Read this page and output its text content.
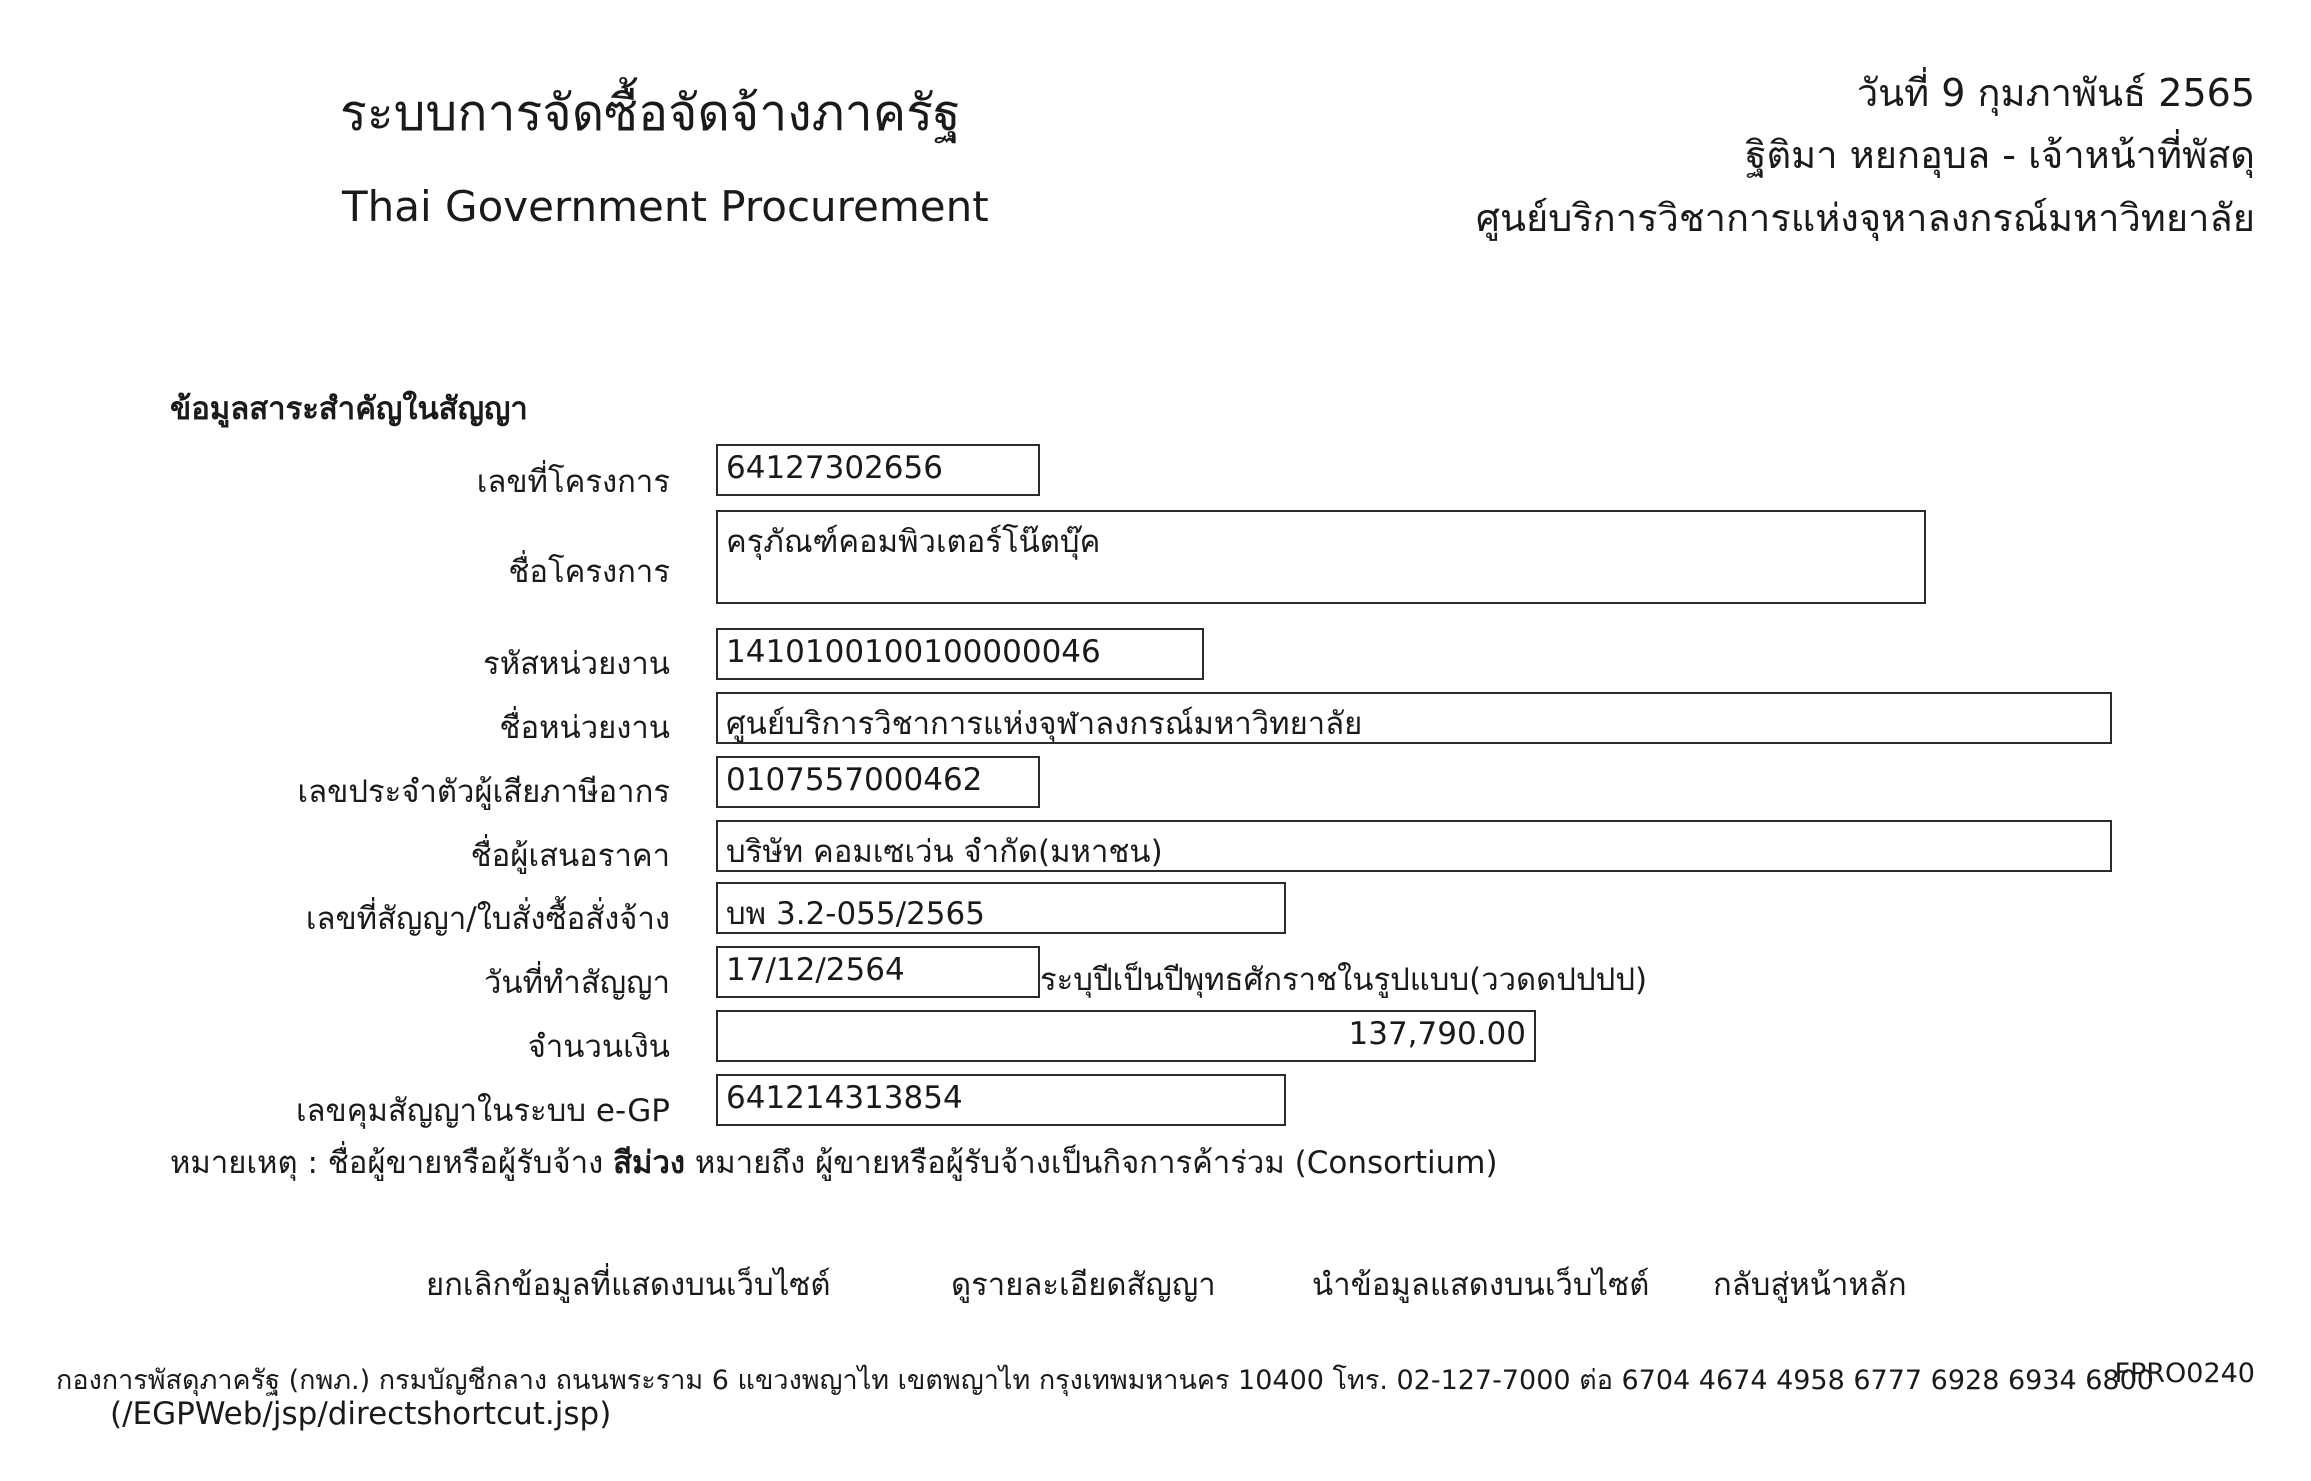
ระบบการจัดซื้อจัดจ้างภาครัฐ
Thai Government Procurement
วันที่ 9 กุมภาพันธ์ 2565
ฐิติมา หยกอุบล - เจ้าหน้าที่พัสดุ
ศูนย์บริการวิชาการแห่งจุหาลงกรณ์มหาวิทยาลัย
ข้อมูลสาระสำคัญในสัญญา
เลขที่โครงการ	64127302656
ชื่อโครงการ
ครุภัณฑ์คอมพิวเตอร์โน๊ตบุ๊ค
รหัสหน่วยงาน	1410100100100000046
ชื่อหน่วยงาน	ศูนย์บริการวิชาการแห่งจุฬาลงกรณ์มหาวิทยาลัย
เลขประจำตัวผู้เสียภาษีอากร	0107557000462
ชื่อผู้เสนอราคา	บริษัท คอมเซเว่น จำกัด(มหาชน)
เลขที่สัญญา/ใบสั่งซื้อสั่งจ้าง	บพ 3.2-055/2565
วันที่ทำสัญญา	17/12/2564	ระบุปีเป็นปีพุทธศักราชในรูปแบบ(ววดดปปปป)
จำนวนเงิน	137,790.00
เลขคุมสัญญาในระบบ e-GP	641214313854
หมายเหตุ : ชื่อผู้ขายหรือผู้รับจ้าง สีม่วง หมายถึง ผู้ขายหรือผู้รับจ้างเป็นกิจการค้าร่วม (Consortium)
ยกเลิกข้อมูลที่แสดงบนเว็บไซต์	ดูรายละเอียดสัญญา	นำข้อมูลแสดงบนเว็บไซต์ กลับสู่หน้าหลัก
กองการพัสดุภาครัฐ (กพภ.) กรมบัญชีกลาง ถนนพระราม 6 แขวงพญาไท เขตพญาไท กรุงเทพมหานคร 10400 โทร. 02-127-7000 ต่อ 6704 4674 4958 6777 6928 6934 6800
FPRO0240
(/EGPWeb/jsp/directshortcut.jsp)
